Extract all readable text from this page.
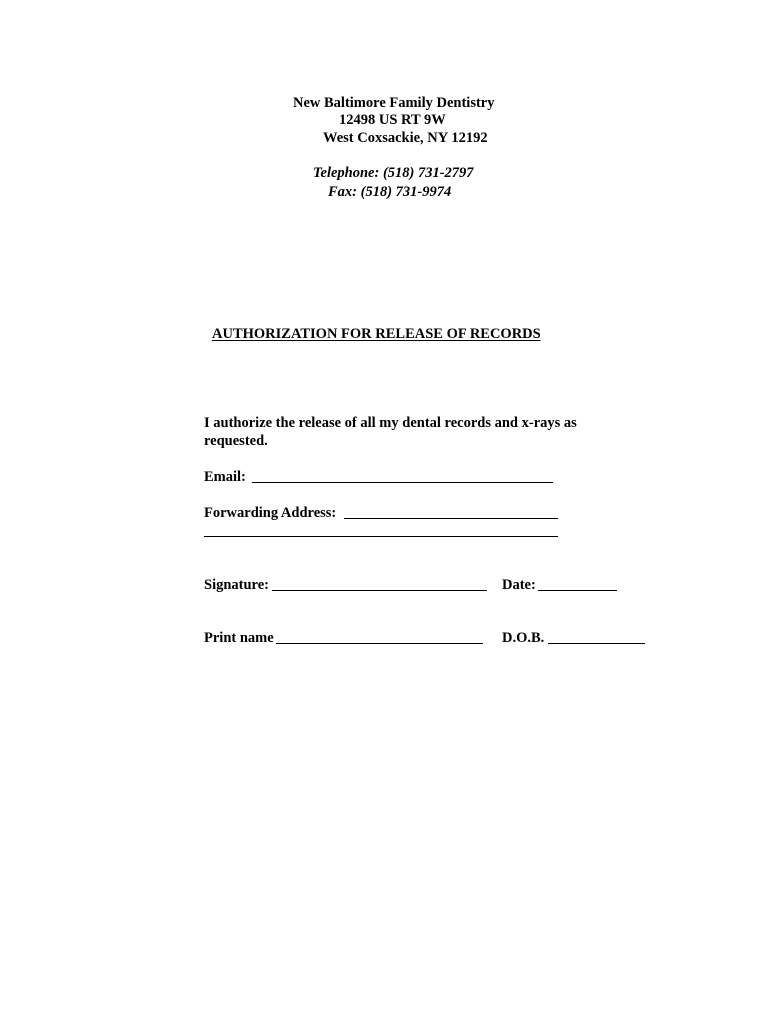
New Baltimore Family Dentistry
12498 US RT 9W
West Coxsackie, NY 12192
Telephone: (518) 731-2797
Fax: (518) 731-9974
AUTHORIZATION FOR RELEASE OF RECORDS
I authorize the release of all my dental records and x-rays as requested.
Email:
Forwarding Address:
Signature:	Date:
Print name	D.O.B.
